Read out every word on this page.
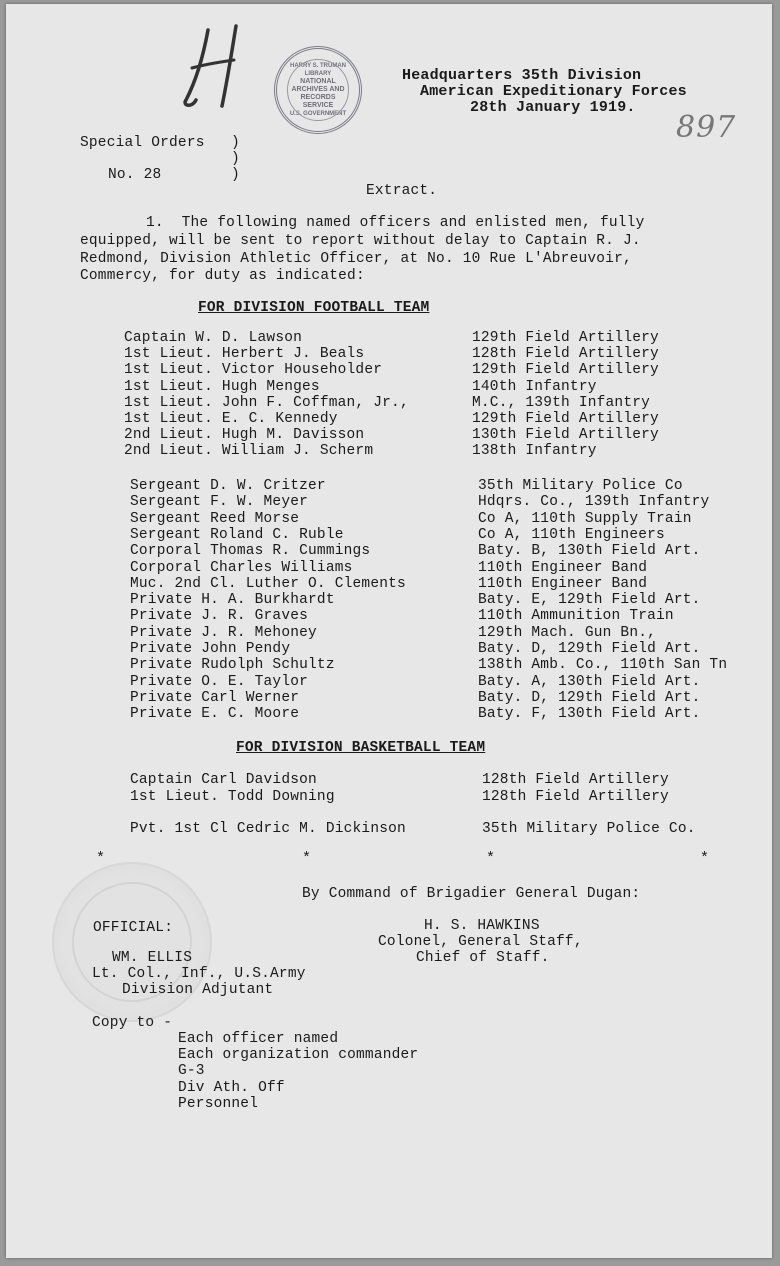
HARRY S. TRUMAN LIBRARY
NATIONAL
ARCHIVES AND
RECORDS
SERVICE
U.S. GOVERNMENT	897
Headquarters 35th Division
American Expeditionary Forces
28th January 1919.
Special Orders )
)
No. 28	)
Extract.
1.  The following named officers and enlisted men, fully
equipped, will be sent to report without delay to Captain R. J.
Redmond, Division Athletic Officer, at No. 10 Rue L'Abreuvoir,
Commercy, for duty as indicated:
FOR DIVISION FOOTBALL TEAM
Captain W. D. Lawson	129th Field Artillery
1st Lieut. Herbert J. Beals	128th Field Artillery
1st Lieut. Victor Householder	129th Field Artillery
1st Lieut. Hugh Menges	140th Infantry
1st Lieut. John F. Coffman, Jr.,	M.C., 139th Infantry
1st Lieut. E. C. Kennedy	129th Field Artillery
2nd Lieut. Hugh M. Davisson	130th Field Artillery
2nd Lieut. William J. Scherm	138th Infantry
Sergeant D. W. Critzer	35th Military Police Co
Sergeant F. W. Meyer	Hdqrs. Co., 139th Infantry
Sergeant Reed Morse	Co A, 110th Supply Train
Sergeant Roland C. Ruble	Co A, 110th Engineers
Corporal Thomas R. Cummings	Baty. B, 130th Field Art.
Corporal Charles Williams	110th Engineer Band
Muc. 2nd Cl. Luther O. Clements	110th Engineer Band
Private H. A. Burkhardt	Baty. E, 129th Field Art.
Private J. R. Graves	110th Ammunition Train
Private J. R. Mehoney	129th Mach. Gun Bn.,
Private John Pendy	Baty. D, 129th Field Art.
Private Rudolph Schultz	138th Amb. Co., 110th San Tn
Private O. E. Taylor	Baty. A, 130th Field Art.
Private Carl Werner	Baty. D, 129th Field Art.
Private E. C. Moore	Baty. F, 130th Field Art.
FOR DIVISION BASKETBALL TEAM
Captain Carl Davidson	128th Field Artillery
1st Lieut. Todd Downing	128th Field Artillery
Pvt. 1st Cl Cedric M. Dickinson	35th Military Police Co.
*	*	*	*
By Command of Brigadier General Dugan:
H. S. HAWKINS
Colonel, General Staff,
Chief of Staff.
OFFICIAL:
WM. ELLIS
Lt. Col., Inf., U.S.Army
Division Adjutant
Copy to -
Each officer named
Each organization commander
G-3
Div Ath. Off
Personnel
